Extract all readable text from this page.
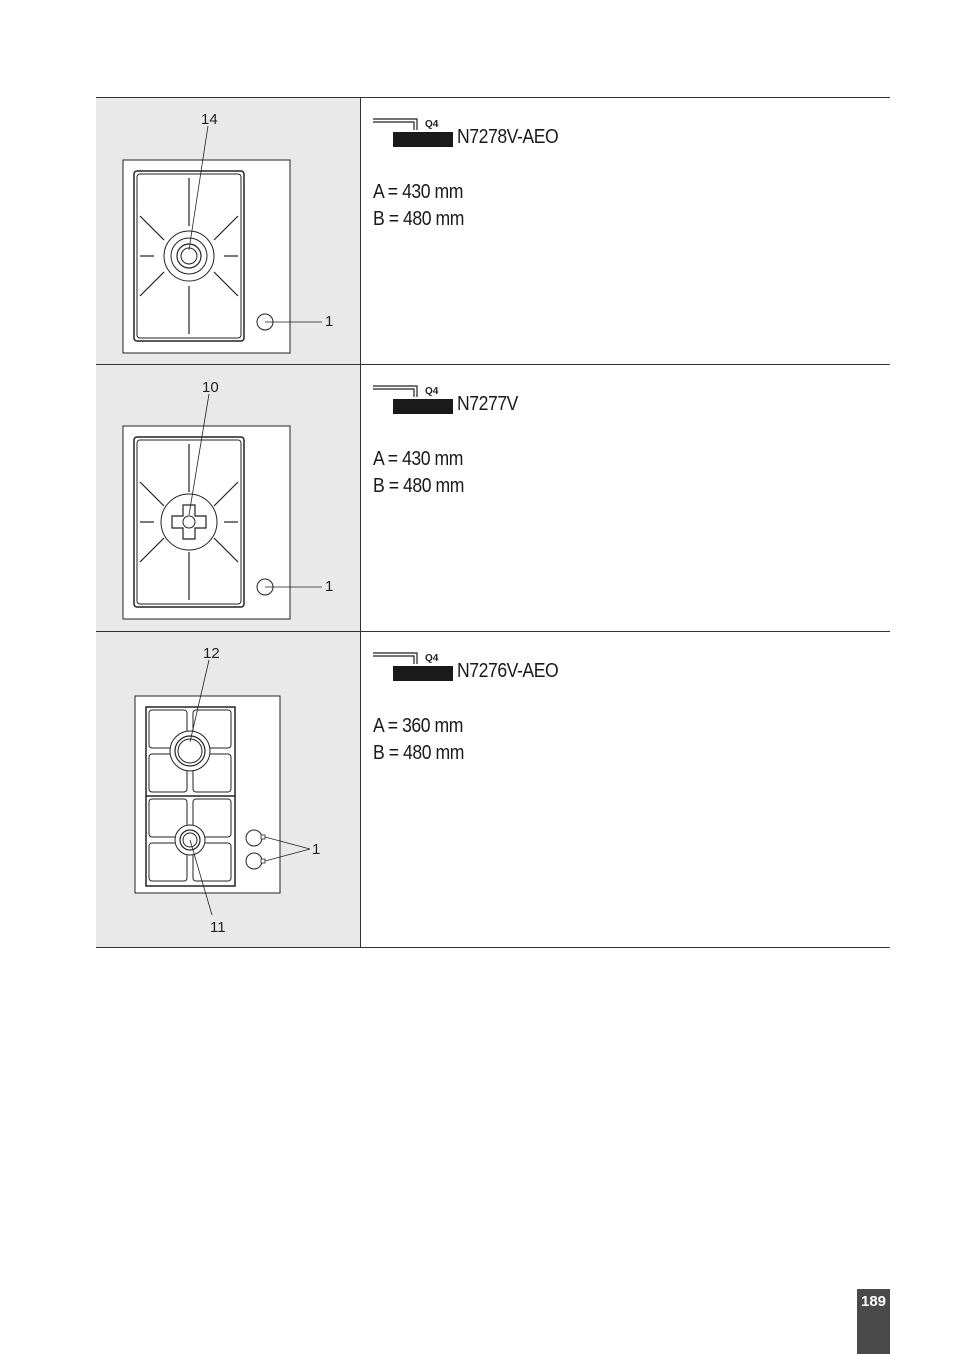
14
1
Q4
N7278V-AEO
A = 430 mm
B = 480 mm
10
1
Q4
N7277V
A = 430 mm
B = 480 mm
12
11
1
Q4
N7276V-AEO
A = 360 mm
B = 480 mm
189
